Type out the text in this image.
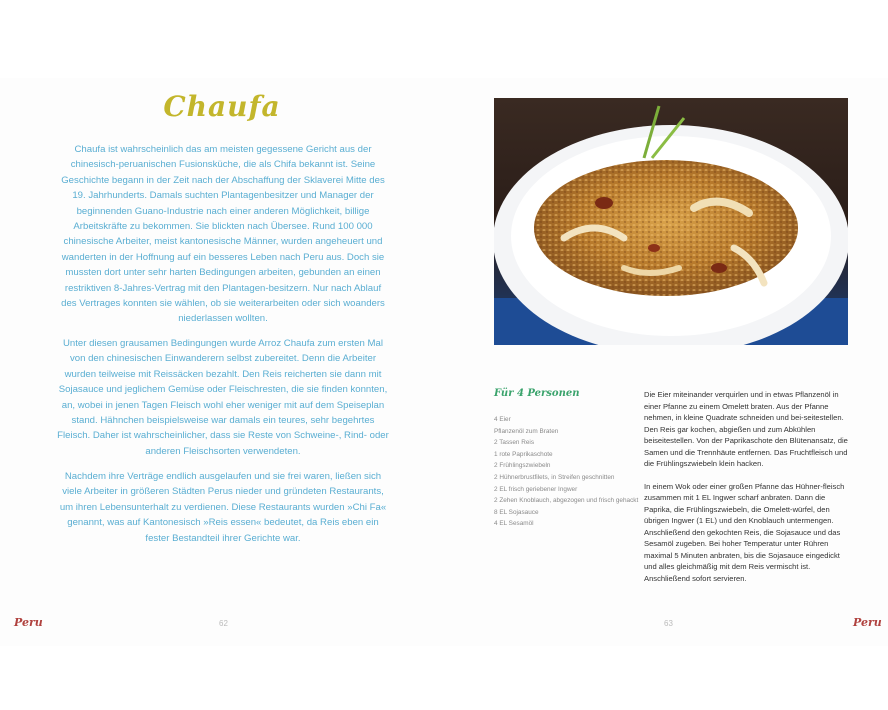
Chaufa

Chaufa ist wahrscheinlich das am meisten gegessene Gericht aus der chinesisch-peruanischen Fusionsküche, die als Chifa bekannt ist. Seine Geschichte begann in der Zeit nach der Abschaffung der Sklaverei Mitte des 19. Jahrhunderts. Damals suchten Plantagenbesitzer und Manager der beginnenden Guano-Industrie nach einer anderen Möglichkeit, billige Arbeitskräfte zu bekommen. Sie blickten nach Übersee. Rund 100 000 chinesische Arbeiter, meist kantonesische Männer, wurden angeheuert und wanderten in der Hoffnung auf ein besseres Leben nach Peru aus. Doch sie mussten dort unter sehr harten Bedingungen arbeiten, gebunden an einen restriktiven 8-Jahres-Vertrag mit den Plantagen-besitzern. Nur nach Ablauf des Vertrages konnten sie wählen, ob sie weiterarbeiten oder sich woanders niederlassen wollten.

Unter diesen grausamen Bedingungen wurde Arroz Chaufa zum ersten Mal von den chinesischen Einwanderern selbst zubereitet. Denn die Arbeiter wurden teilweise mit Reissäcken bezahlt. Den Reis reicherten sie dann mit Sojasauce und jeglichem Gemüse oder Fleischresten, die sie finden konnten, an, wobei in jenen Tagen Fleisch wohl eher weniger mit auf dem Speiseplan stand. Hähnchen beispielsweise war damals ein teures, sehr begehrtes Fleisch. Daher ist wahrscheinlicher, dass sie Reste von Schweine-, Rind- oder anderen Fleischsorten verwendeten.

Nachdem ihre Verträge endlich ausgelaufen und sie frei waren, ließen sich viele Arbeiter in größeren Städten Perus nieder und gründeten Restaurants, um ihren Lebensunterhalt zu verdienen. Diese Restaurants wurden »Chi Fa« genannt, was auf Kantonesisch »Reis essen« bedeutet, da Reis eben ein fester Bestandteil ihrer Gerichte war.

Peru	62
Für 4 Personen
4 Eier
Pflanzenöl zum Braten
2 Tassen Reis
1 rote Paprikaschote
2 Frühlingszwiebeln
2 Hühnerbrustfilets, in Streifen geschnitten
2 EL frisch geriebener Ingwer
2 Zehen Knoblauch, abgezogen und frisch gehackt
8 EL Sojasauce
4 EL Sesamöl

Die Eier miteinander verquirlen und in etwas Pflanzenöl in einer Pfanne zu einem Omelett braten. Aus der Pfanne nehmen, in kleine Quadrate schneiden und bei-seitestellen. Den Reis gar kochen, abgießen und zum Abkühlen beiseitestellen. Von der Paprikaschote den Blütenansatz, die Samen und die Trennhäute entfernen. Das Fruchtfleisch und die Frühlingszwiebeln klein hacken.

In einem Wok oder einer großen Pfanne das Hühner-fleisch zusammen mit 1 EL Ingwer scharf anbraten. Dann die Paprika, die Frühlingszwiebeln, die Omelett-würfel, den übrigen Ingwer (1 EL) und den Knoblauch untermengen. Anschließend den gekochten Reis, die Sojasauce und das Sesamöl zugeben. Bei hoher Temperatur unter Rühren maximal 5 Minuten anbraten, bis die Sojasauce eingedickt und alles gleichmäßig mit dem Reis vermischt ist. Anschließend sofort servieren.

63	Peru
